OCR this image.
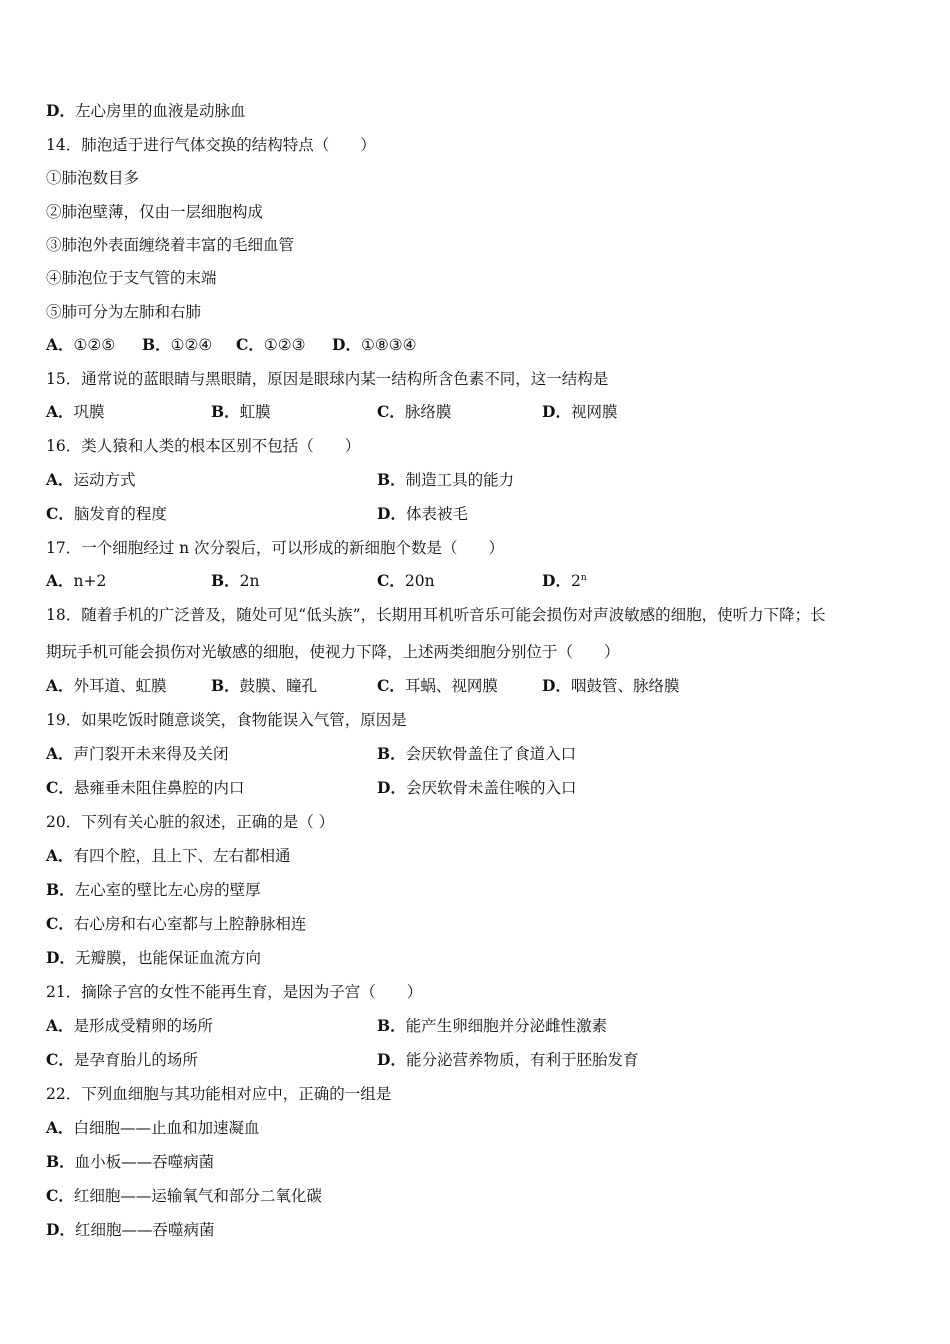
D．左心房里的血液是动脉血
14．肺泡适于进行气体交换的结构特点（　　）
①肺泡数目多
②肺泡壁薄，仅由一层细胞构成
③肺泡外表面缠绕着丰富的毛细血管
④肺泡位于支气管的末端
⑤肺可分为左肺和右肺
A．①②⑤ B．①②④ C．①②③ D．①⑧③④
15．通常说的蓝眼睛与黑眼睛，原因是眼球内某一结构所含色素不同，这一结构是
A．巩膜	B．虹膜	C．脉络膜	D．视网膜
16．类人猿和人类的根本区别不包括（　　）
A．运动方式	B．制造工具的能力
C．脑发育的程度	D．体表被毛
17．一个细胞经过 n 次分裂后，可以形成的新细胞个数是（　　）
A．n+2	B．2n	C．20n	D．2$^n$
18．随着手机的广泛普及，随处可见“低头族”，长期用耳机听音乐可能会损伤对声波敏感的细胞，使听力下降；长
期玩手机可能会损伤对光敏感的细胞，使视力下降，上述两类细胞分别位于（　　）
A．外耳道、虹膜	B．鼓膜、瞳孔	C．耳蜗、视网膜	D．咽鼓管、脉络膜
19．如果吃饭时随意谈笑，食物能误入气管，原因是
A．声门裂开未来得及关闭	B．会厌软骨盖住了食道入口
C．悬雍垂未阻住鼻腔的内口	D．会厌软骨未盖住喉的入口
20．下列有关心脏的叙述，正确的是（ ）
A．有四个腔，且上下、左右都相通
B．左心室的壁比左心房的壁厚
C．右心房和右心室都与上腔静脉相连
D．无瓣膜，也能保证血流方向
21．摘除子宫的女性不能再生育，是因为子宫（　　）
A．是形成受精卵的场所	B．能产生卵细胞并分泌雌性激素
C．是孕育胎儿的场所	D．能分泌营养物质，有利于胚胎发育
22．下列血细胞与其功能相对应中，正确的一组是
A．白细胞——止血和加速凝血
B．血小板——吞噬病菌
C．红细胞——运输氧气和部分二氧化碳
D．红细胞——吞噬病菌
